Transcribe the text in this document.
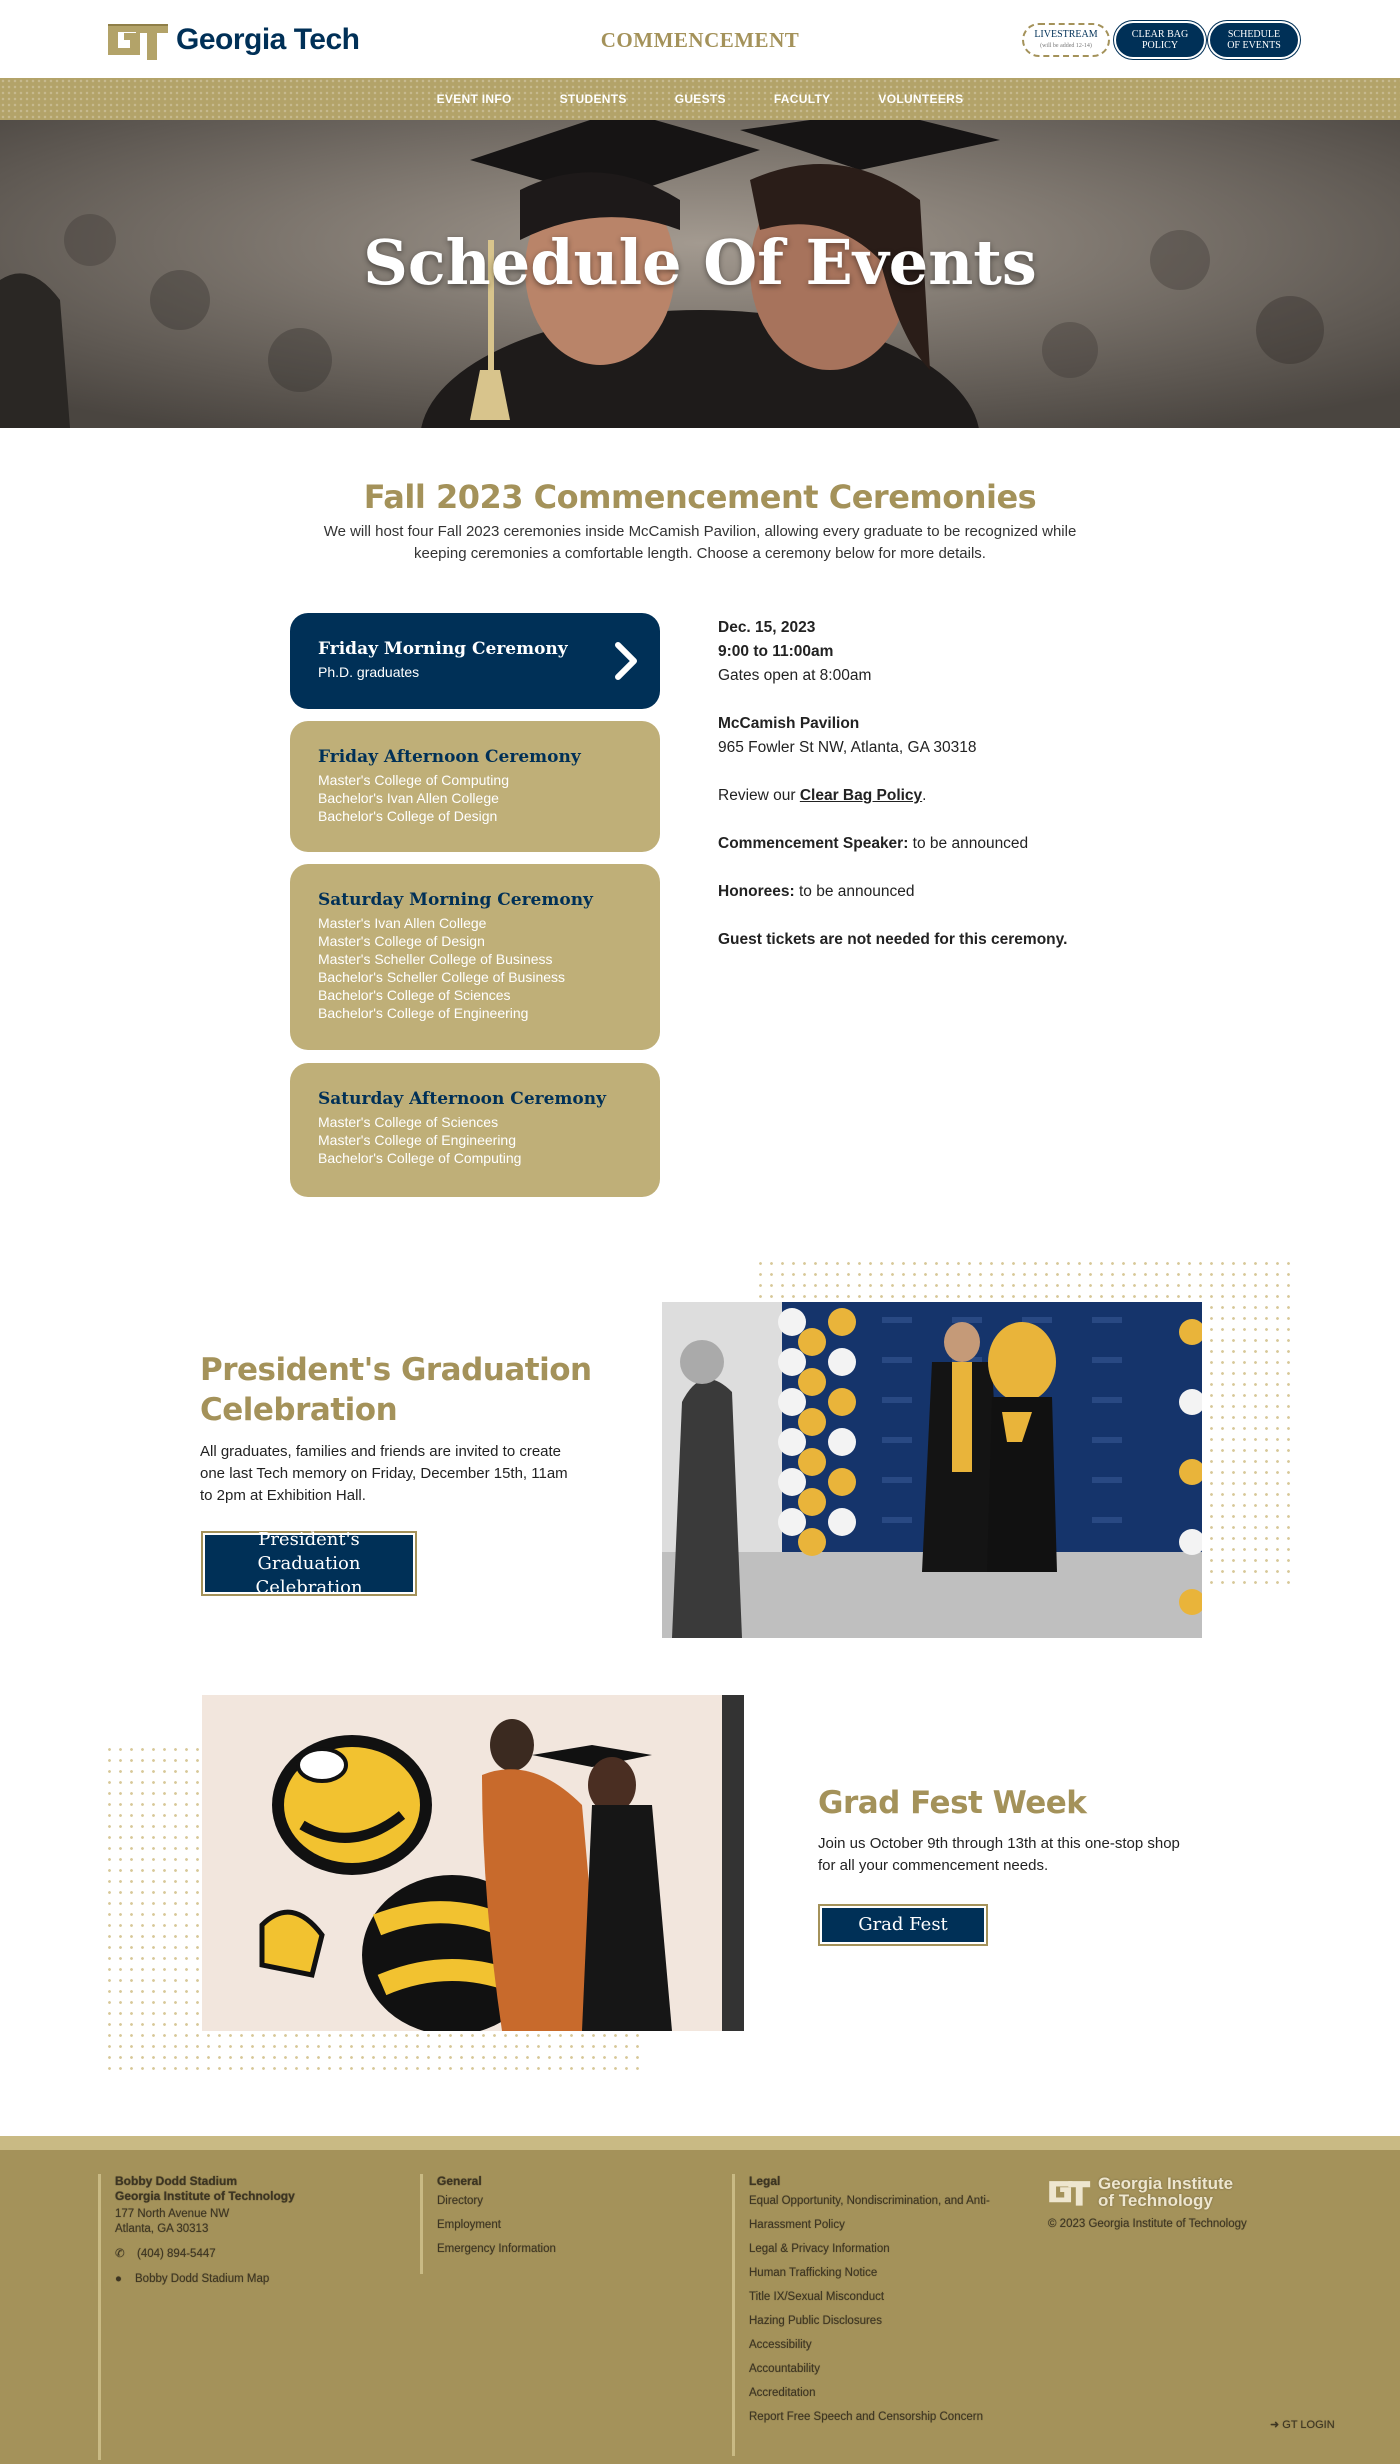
Georgia Tech	COMMENCEMENT	LIVESTREAM
(will be added 12-14)
CLEAR BAG
POLICY
SCHEDULE
OF EVENTS
EVENT INFO	STUDENTS	GUESTS	FACULTY	VOLUNTEERS
Schedule Of Events
Fall 2023 Commencement Ceremonies
We will host four Fall 2023 ceremonies inside McCamish Pavilion, allowing every graduate to be recognized while
keeping ceremonies a comfortable length. Choose a ceremony below for more details.
Friday Morning Ceremony
Ph.D. graduates
Friday Afternoon Ceremony
Master's College of Computing
Bachelor's Ivan Allen College
Bachelor's College of Design
Saturday Morning Ceremony
Master's Ivan Allen College
Master's College of Design
Master's Scheller College of Business
Bachelor's Scheller College of Business
Bachelor's College of Sciences
Bachelor's College of Engineering
Saturday Afternoon Ceremony
Master's College of Sciences
Master's College of Engineering
Bachelor's College of Computing

Dec. 15, 2023

9:00 to 11:00am

Gates open at 8:00am

McCamish Pavilion

965 Fowler St NW, Atlanta, GA 30318

Review our Clear Bag Policy.

Commencement Speaker: to be announced

Honorees: to be announced

Guest tickets are not needed for this ceremony.

President's Graduation
Celebration
All graduates, families and friends are invited to create
one last Tech memory on Friday, December 15th, 11am
to 2pm at Exhibition Hall.
President's Graduation
Celebration
Grad Fest Week
Join us October 9th through 13th at this one-stop shop
for all your commencement needs.
Grad Fest
Bobby Dodd Stadium
Georgia Institute of Technology
177 North Avenue NW
Atlanta, GA 30313
✆ (404) 894-5447
●	Bobby Dodd Stadium Map
General
Directory
Employment
Emergency Information
Legal
Equal Opportunity, Nondiscrimination, and Anti-
Harassment Policy
Legal & Privacy Information
Human Trafficking Notice
Title IX/Sexual Misconduct
Hazing Public Disclosures
Accessibility
Accountability
Accreditation
Report Free Speech and Censorship Concern
Georgia Institute
of Technology
© 2023 Georgia Institute of Technology
➜ GT LOGIN
